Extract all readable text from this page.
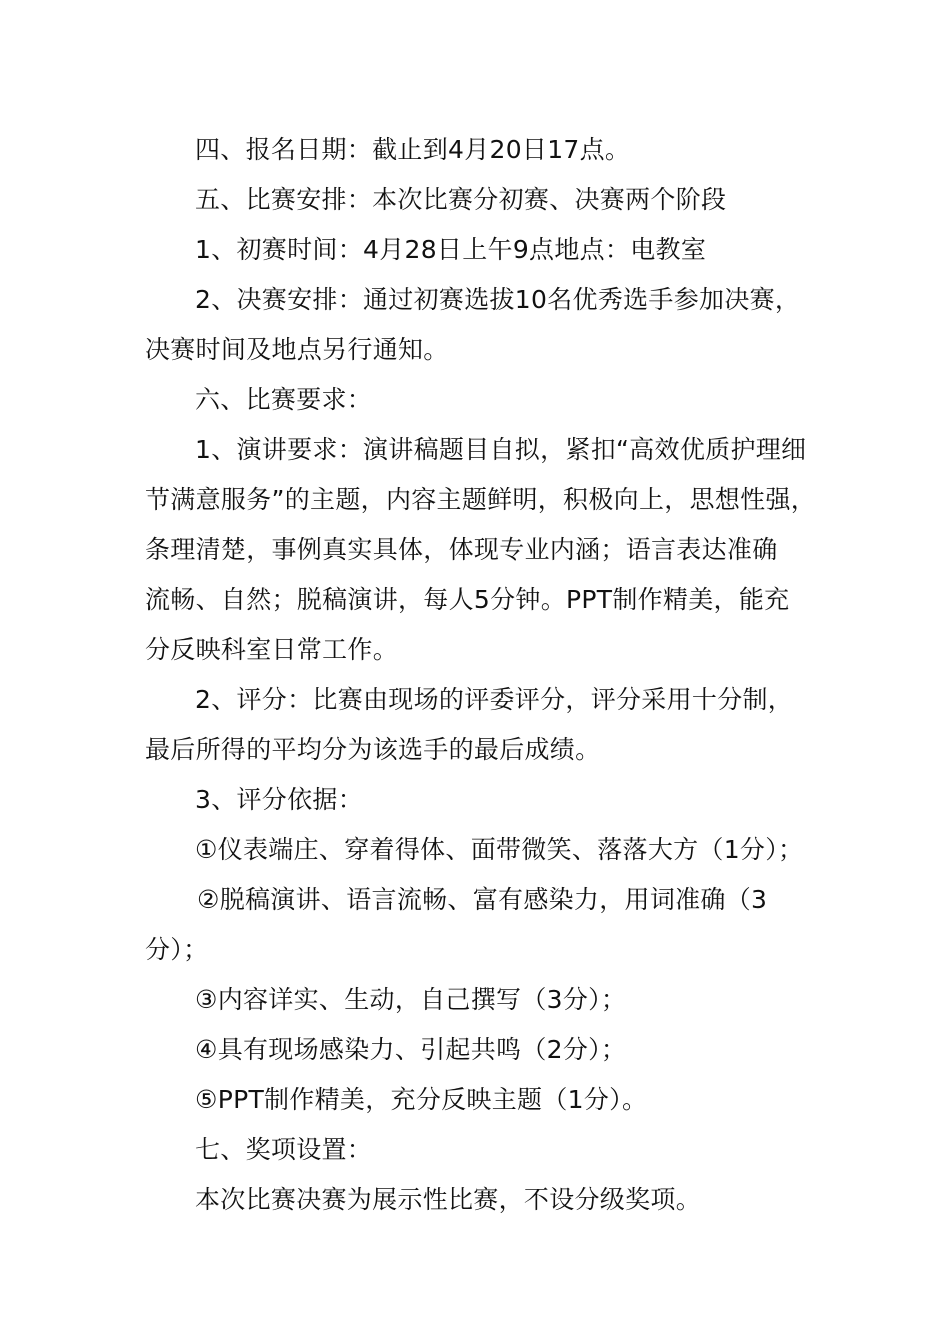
四、报名日期：截止到4月20日17点。
五、比赛安排：本次比赛分初赛、决赛两个阶段
1、初赛时间：4月28日上午9点地点：电教室
2、决赛安排：通过初赛选拔10名优秀选手参加决赛，
决赛时间及地点另行通知。
六、比赛要求：
1、演讲要求：演讲稿题目自拟，紧扣“高效优质护理细
节满意服务”的主题，内容主题鲜明，积极向上，思想性强，
条理清楚，事例真实具体，体现专业内涵；语言表达准确
流畅、自然；脱稿演讲，每人5分钟。PPT制作精美，能充
分反映科室日常工作。
2、评分：比赛由现场的评委评分，评分采用十分制，
最后所得的平均分为该选手的最后成绩。
3、评分依据：
①仪表端庄、穿着得体、面带微笑、落落大方（1分）；
②脱稿演讲、语言流畅、富有感染力，用词准确（3
分）；
③内容详实、生动，自己撰写（3分）；
④具有现场感染力、引起共鸣（2分）；
⑤PPT制作精美，充分反映主题（1分）。
七、奖项设置：
本次比赛决赛为展示性比赛，不设分级奖项。
